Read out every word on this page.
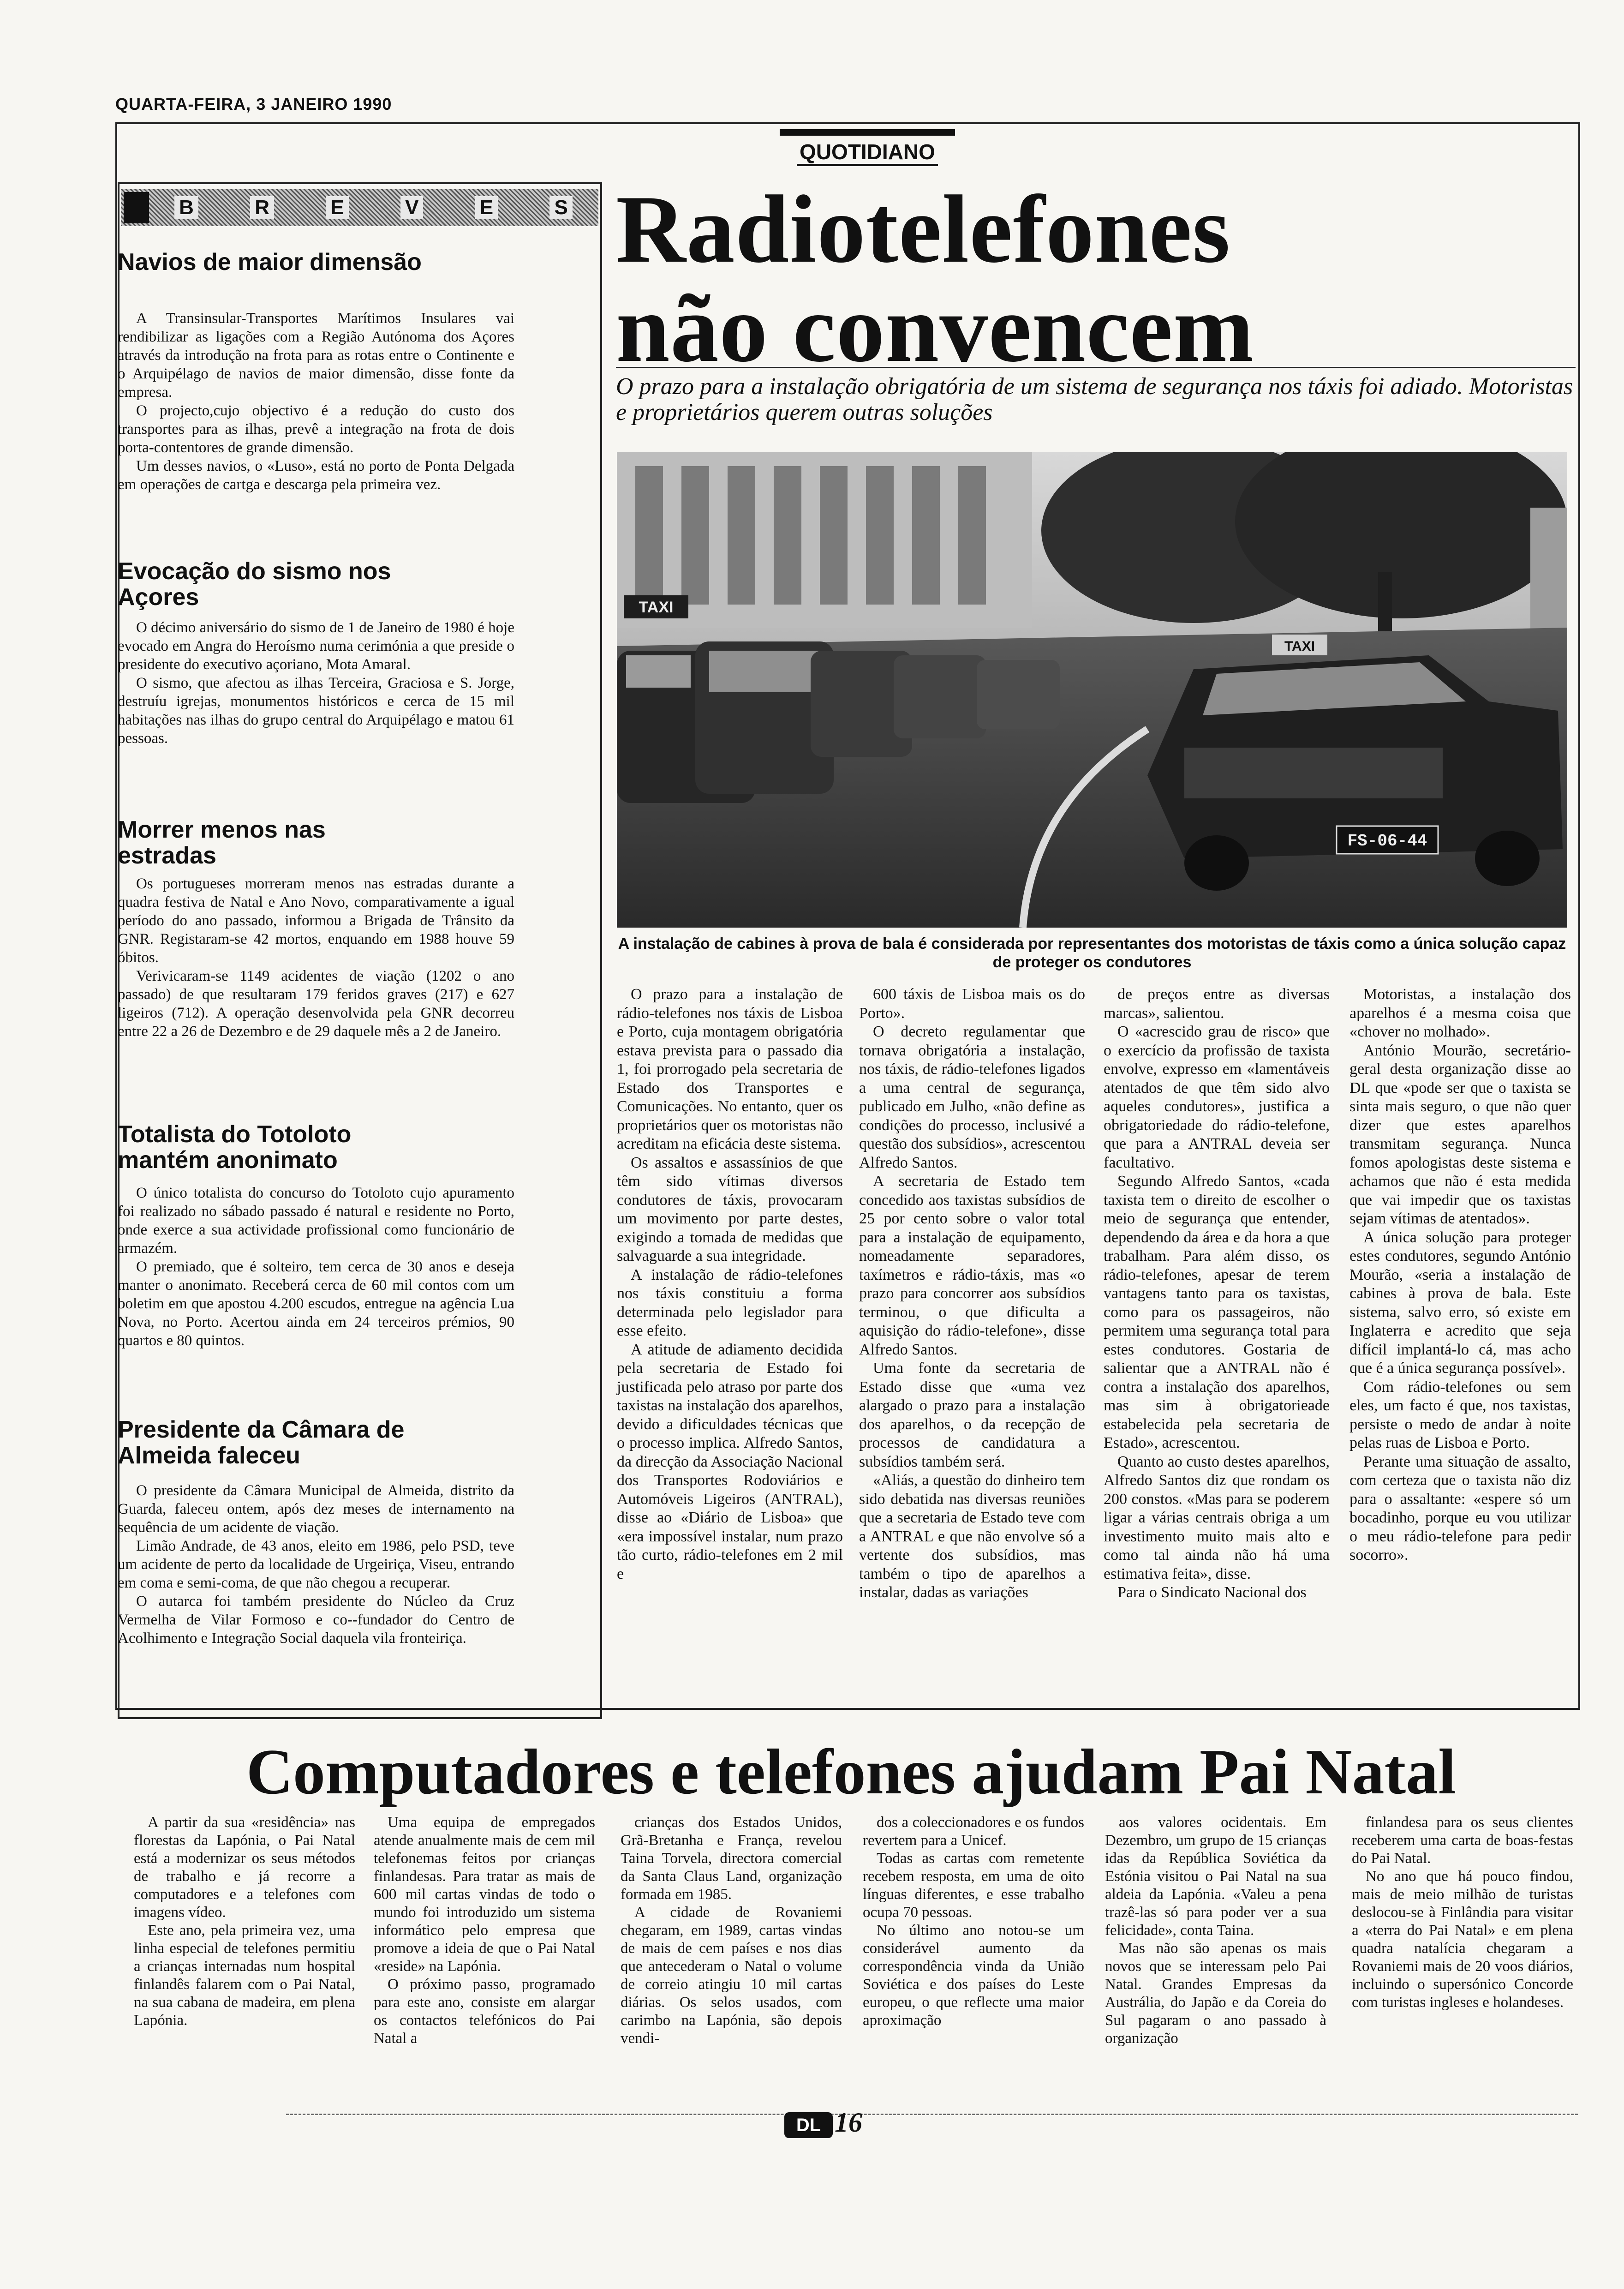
QUARTA-FEIRA, 3 JANEIRO 1990
QUOTIDIANO
B	R	E	V	E	S
Navios de maior dimensão

A Transinsular-Transportes Marítimos Insulares vai rendibilizar as ligações com a Região Autónoma dos Açores através da introdução na frota para as rotas entre o Continente e o Arquipélago de navios de maior dimensão, disse fonte da empresa.

O projecto,cujo objectivo é a redução do custo dos transportes para as ilhas, prevê a integração na frota de dois porta-contentores de grande dimensão.

Um desses navios, o «Luso», está no porto de Ponta Delgada em operações de cartga e descarga pela primeira vez.

Evocação do sismo nos Açores

O décimo aniversário do sismo de 1 de Janeiro de 1980 é hoje evocado em Angra do Heroísmo numa cerimónia a que preside o presidente do executivo açoriano, Mota Amaral.

O sismo, que afectou as ilhas Terceira, Graciosa e S. Jorge, destruíu igrejas, monumentos históricos e cerca de 15 mil habitações nas ilhas do grupo central do Arquipélago e matou 61 pessoas.

Morrer menos nas estradas

Os portugueses morreram menos nas estradas durante a quadra festiva de Natal e Ano Novo, comparativamente a igual período do ano passado, informou a Brigada de Trânsito da GNR. Registaram-se 42 mortos, enquando em 1988 houve 59 óbitos.

Verivicaram-se 1149 acidentes de viação (1202 o ano passado) de que resultaram 179 feridos graves (217) e 627 ligeiros (712). A operação desenvolvida pela GNR decorreu entre 22 a 26 de Dezembro e de 29 daquele mês a 2 de Janeiro.

Totalista do Totoloto mantém anonimato

O único totalista do concurso do Totoloto cujo apuramento foi realizado no sábado passado é natural e residente no Porto, onde exerce a sua actividade profissional como funcionário de armazém.

O premiado, que é solteiro, tem cerca de 30 anos e deseja manter o anonimato. Receberá cerca de 60 mil contos com um boletim em que apostou 4.200 escudos, entregue na agência Lua Nova, no Porto. Acertou ainda em 24 terceiros prémios, 90 quartos e 80 quintos.

Presidente da Câmara de Almeida faleceu

O presidente da Câmara Municipal de Almeida, distrito da Guarda, faleceu ontem, após dez meses de internamento na sequência de um acidente de viação.

Limão Andrade, de 43 anos, eleito em 1986, pelo PSD, teve um acidente de perto da localidade de Urgeiriça, Viseu, entrando em coma e semi-coma, de que não chegou a recuperar.

O autarca foi também presidente do Núcleo da Cruz Vermelha de Vilar Formoso e co--fundador do Centro de Acolhimento e Integração Social daquela vila fronteiriça.

Radiotelefones
não convencem
O prazo para a instalação obrigatória de um sistema de segurança nos táxis foi adiado. Motoristas e proprietários querem outras soluções
TAXI
TAXI
FS-06-44
A instalação de cabines à prova de bala é considerada por representantes dos motoristas de táxis como a única solução capaz de proteger os condutores

O prazo para a instalação de rádio-telefones nos táxis de Lisboa e Porto, cuja montagem obrigatória estava prevista para o passado dia 1, foi prorrogado pela secretaria de Estado dos Transportes e Comunicações. No entanto, quer os proprietários quer os motoristas não acreditam na eficácia deste sistema.

Os assaltos e assassínios de que têm sido vítimas diversos condutores de táxis, provocaram um movimento por parte destes, exigindo a tomada de medidas que salvaguarde a sua integridade.

A instalação de rádio-telefones nos táxis constituiu a forma determinada pelo legislador para esse efeito.

A atitude de adiamento decidida pela secretaria de Estado foi justificada pelo atraso por parte dos taxistas na instalação dos aparelhos, devido a dificuldades técnicas que o processo implica. Alfredo Santos, da direcção da Associação Nacional dos Transportes Rodoviários e Automóveis Ligeiros (ANTRAL), disse ao «Diário de Lisboa» que «era impossível instalar, num prazo tão curto, rádio-telefones em 2 mil e

600 táxis de Lisboa mais os do Porto».

O decreto regulamentar que tornava obrigatória a instalação, nos táxis, de rádio-telefones ligados a uma central de segurança, publicado em Julho, «não define as condições do processo, inclusivé a questão dos subsídios», acrescentou Alfredo Santos.

A secretaria de Estado tem concedido aos taxistas subsídios de 25 por cento sobre o valor total para a instalação de equipamento, nomeadamente separadores, taxímetros e rádio-táxis, mas «o prazo para concorrer aos subsídios terminou, o que dificulta a aquisição do rádio-telefone», disse Alfredo Santos.

Uma fonte da secretaria de Estado disse que «uma vez alargado o prazo para a instalação dos aparelhos, o da recepção de processos de candidatura a subsídios também será.

«Aliás, a questão do dinheiro tem sido debatida nas diversas reuniões que a secretaria de Estado teve com a ANTRAL e que não envolve só a vertente dos subsídios, mas também o tipo de aparelhos a instalar, dadas as variações

de preços entre as diversas marcas», salientou.

O «acrescido grau de risco» que o exercício da profissão de taxista envolve, expresso em «lamentáveis atentados de que têm sido alvo aqueles condutores», justifica a obrigatoriedade do rádio-telefone, que para a ANTRAL deveia ser facultativo.

Segundo Alfredo Santos, «cada taxista tem o direito de escolher o meio de segurança que entender, dependendo da área e da hora a que trabalham. Para além disso, os rádio-telefones, apesar de terem vantagens tanto para os taxistas, como para os passageiros, não permitem uma segurança total para estes condutores. Gostaria de salientar que a ANTRAL não é contra a instalação dos aparelhos, mas sim à obrigatorieade estabelecida pela secretaria de Estado», acrescentou.

Quanto ao custo destes aparelhos, Alfredo Santos diz que rondam os 200 constos. «Mas para se poderem ligar a várias centrais obriga a um investimento muito mais alto e como tal ainda não há uma estimativa feita», disse.

Para o Sindicato Nacional dos

Motoristas, a instalação dos aparelhos é a mesma coisa que «chover no molhado».

António Mourão, secretário-geral desta organização disse ao DL que «pode ser que o taxista se sinta mais seguro, o que não quer dizer que estes aparelhos transmitam segurança. Nunca fomos apologistas deste sistema e achamos que não é esta medida que vai impedir que os taxistas sejam vítimas de atentados».

A única solução para proteger estes condutores, segundo António Mourão, «seria a instalação de cabines à prova de bala. Este sistema, salvo erro, só existe em Inglaterra e acredito que seja difícil implantá-lo cá, mas acho que é a única segurança possível».

Com rádio-telefones ou sem eles, um facto é que, nos taxistas, persiste o medo de andar à noite pelas ruas de Lisboa e Porto.

Perante uma situação de assalto, com certeza que o taxista não diz para o assaltante: «espere só um bocadinho, porque eu vou utilizar o meu rádio-telefone para pedir socorro».

Computadores e telefones ajudam Pai Natal

A partir da sua «residência» nas florestas da Lapónia, o Pai Natal está a modernizar os seus métodos de trabalho e já recorre a computadores e a telefones com imagens vídeo.

Este ano, pela primeira vez, uma linha especial de telefones permitiu a crianças internadas num hospital finlandês falarem com o Pai Natal, na sua cabana de madeira, em plena Lapónia.

Uma equipa de empregados atende anualmente mais de cem mil telefonemas feitos por crianças finlandesas. Para tratar as mais de 600 mil cartas vindas de todo o mundo foi introduzido um sistema informático pelo empresa que promove a ideia de que o Pai Natal «reside» na Lapónia.

O próximo passo, programado para este ano, consiste em alargar os contactos telefónicos do Pai Natal a

crianças dos Estados Unidos, Grã-Bretanha e França, revelou Taina Torvela, directora comercial da Santa Claus Land, organização formada em 1985.

A cidade de Rovaniemi chegaram, em 1989, cartas vindas de mais de cem países e nos dias que antecederam o Natal o volume de correio atingiu 10 mil cartas diárias. Os selos usados, com carimbo na Lapónia, são depois vendi-

dos a coleccionadores e os fundos revertem para a Unicef.

Todas as cartas com remetente recebem resposta, em uma de oito línguas diferentes, e esse trabalho ocupa 70 pessoas.

No último ano notou-se um considerável aumento da correspondência vinda da União Soviética e dos países do Leste europeu, o que reflecte uma maior aproximação

aos valores ocidentais. Em Dezembro, um grupo de 15 crianças idas da República Soviética da Estónia visitou o Pai Natal na sua aldeia da Lapónia. «Valeu a pena trazê-las só para poder ver a sua felicidade», conta Taina.

Mas não são apenas os mais novos que se interessam pelo Pai Natal. Grandes Empresas da Austrália, do Japão e da Coreia do Sul pagaram o ano passado à organização

finlandesa para os seus clientes receberem uma carta de boas-festas do Pai Natal.

No ano que há pouco findou, mais de meio milhão de turistas deslocou-se à Finlândia para visitar a «terra do Pai Natal» e em plena quadra natalícia chegaram a Rovaniemi mais de 20 voos diários, incluindo o supersónico Concorde com turistas ingleses e holandeses.

DL 16
